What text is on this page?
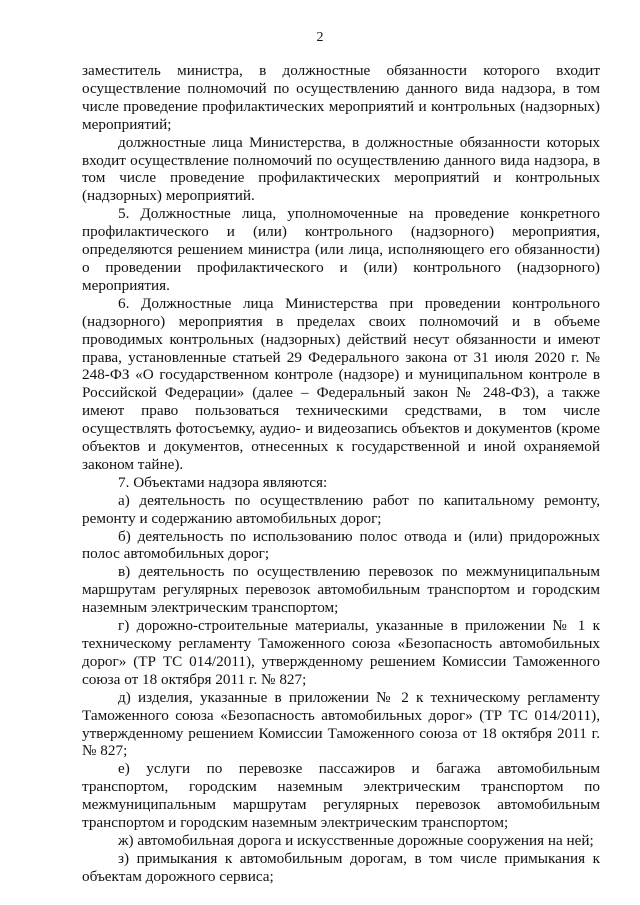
2

заместитель министра, в должностные обязанности которого входит осуществление полномочий по осуществлению данного вида надзора, в том числе проведение профилактических мероприятий и контрольных (надзорных) мероприятий;

должностные лица Министерства, в должностные обязанности которых входит осуществление полномочий по осуществлению данного вида надзора, в том числе проведение профилактических мероприятий и контрольных (надзорных) мероприятий.

5. Должностные лица, уполномоченные на проведение конкретного профилактического и (или) контрольного (надзорного) мероприятия, определяются решением министра (или лица, исполняющего его обязанности) о проведении профилактического и (или) контрольного (надзорного) мероприятия.

6. Должностные лица Министерства при проведении контрольного (надзорного) мероприятия в пределах своих полномочий и в объеме проводимых контрольных (надзорных) действий несут обязанности и имеют права, установленные статьей 29 Федерального закона от 31 июля 2020 г. № 248-ФЗ «О государственном контроле (надзоре) и муниципальном контроле в Российской Федерации» (далее – Федеральный закон № 248-ФЗ), а также имеют право пользоваться техническими средствами, в том числе осуществлять фотосъемку, аудио- и видеозапись объектов и документов (кроме объектов и документов, отнесенных к государственной и иной охраняемой законом тайне).

7. Объектами надзора являются:

а) деятельность по осуществлению работ по капитальному ремонту, ремонту и содержанию автомобильных дорог;

б) деятельность по использованию полос отвода и (или) придорожных полос автомобильных дорог;

в) деятельность по осуществлению перевозок по межмуниципальным маршрутам регулярных перевозок автомобильным транспортом и городским наземным электрическим транспортом;

г) дорожно-строительные материалы, указанные в приложении № 1 к техническому регламенту Таможенного союза «Безопасность автомобильных дорог» (ТР ТС 014/2011), утвержденному решением Комиссии Таможенного союза от 18 октября 2011 г. № 827;

д) изделия, указанные в приложении № 2 к техническому регламенту Таможенного союза «Безопасность автомобильных дорог» (ТР ТС 014/2011), утвержденному решением Комиссии Таможенного союза от 18 октября 2011 г. № 827;

е) услуги по перевозке пассажиров и багажа автомобильным транспортом, городским наземным электрическим транспортом по межмуниципальным маршрутам регулярных перевозок автомобильным транспортом и городским наземным электрическим транспортом;

ж) автомобильная дорога и искусственные дорожные сооружения на ней;

з) примыкания к автомобильным дорогам, в том числе примыкания к объектам дорожного сервиса;
